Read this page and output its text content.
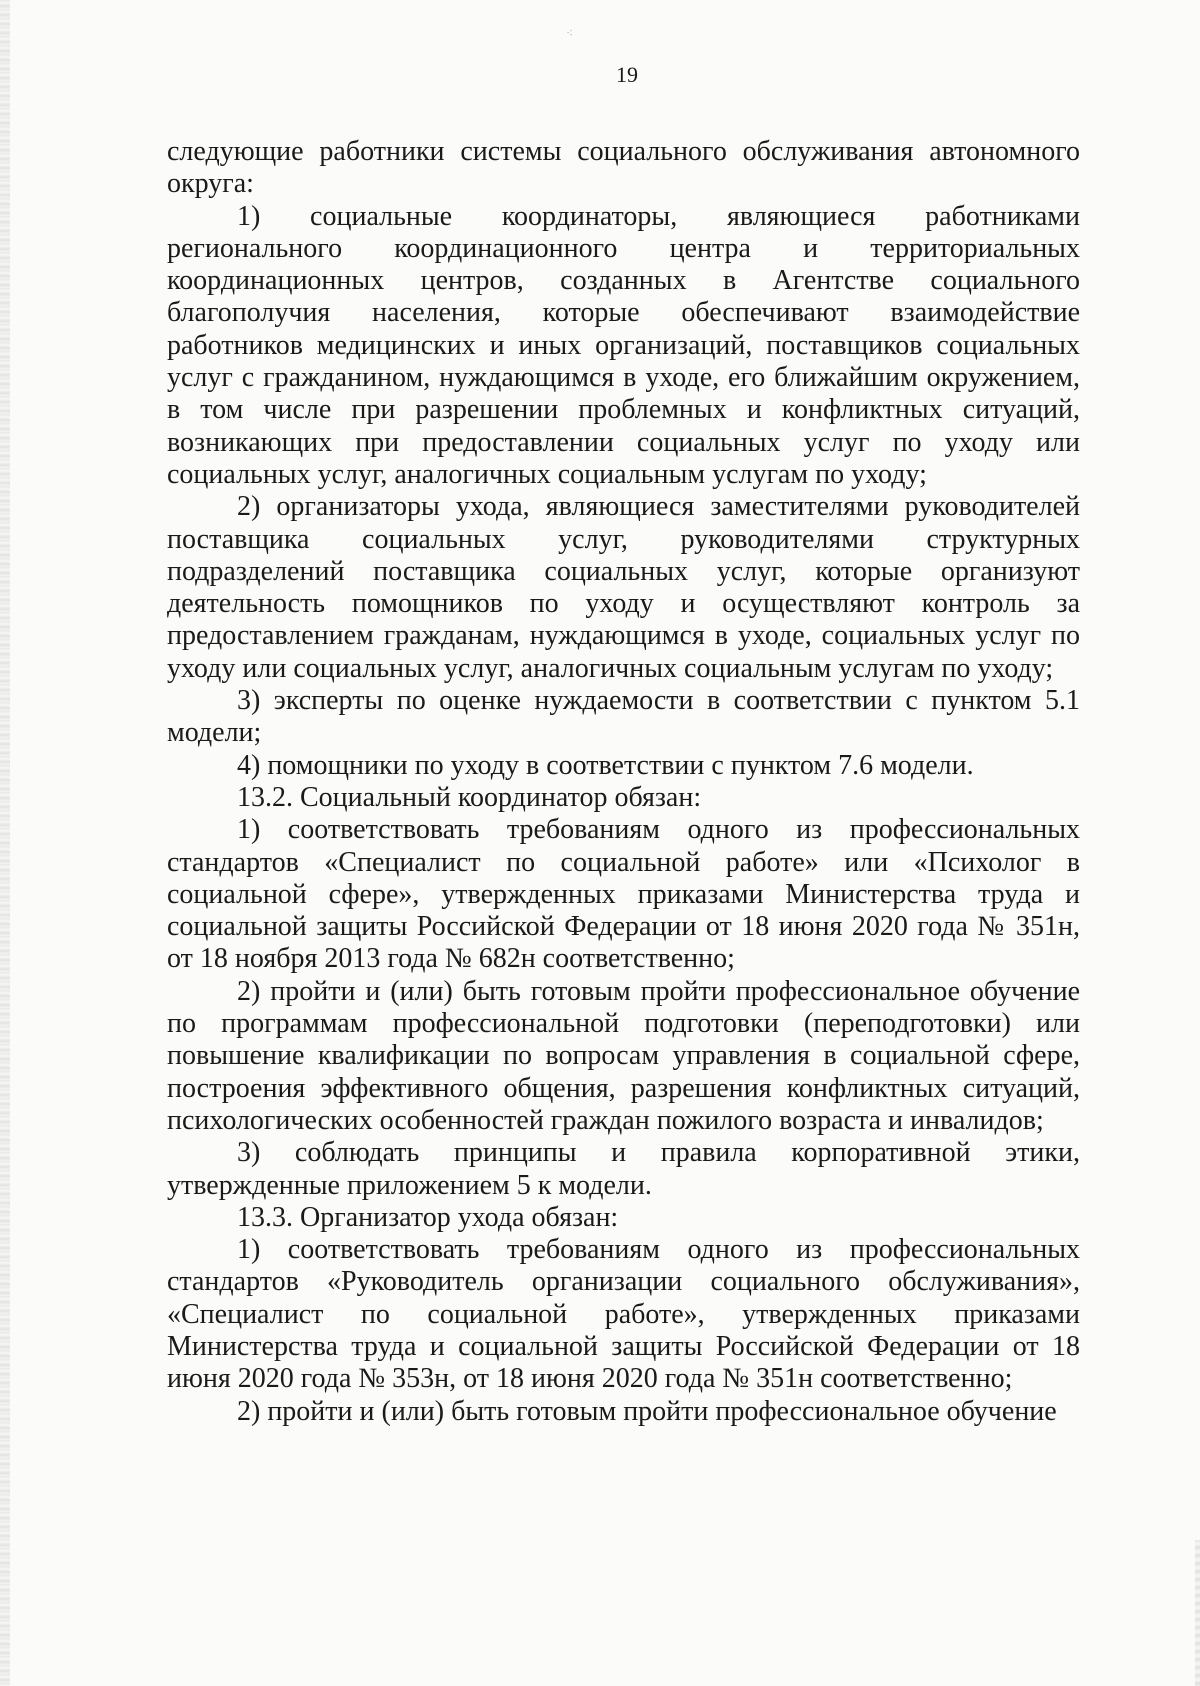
⁖
19

следующие работники системы социального обслуживания автономного округа:

1) социальные координаторы, являющиеся работниками регионального координационного центра и территориальных координационных центров, созданных в Агентстве социального благополучия населения, которые обеспечивают взаимодействие работников медицинских и иных организаций, поставщиков социальных услуг с гражданином, нуждающимся в уходе, его ближайшим окружением, в том числе при разрешении проблемных и конфликтных ситуаций, возникающих при предоставлении социальных услуг по уходу или социальных услуг, аналогичных социальным услугам по уходу;

2) организаторы ухода, являющиеся заместителями руководителей поставщика социальных услуг, руководителями структурных подразделений поставщика социальных услуг, которые организуют деятельность помощников по уходу и осуществляют контроль за предоставлением гражданам, нуждающимся в уходе, социальных услуг по уходу или социальных услуг, аналогичных социальным услугам по уходу;

3) эксперты по оценке нуждаемости в соответствии с пунктом 5.1 модели;

4) помощники по уходу в соответствии с пунктом 7.6 модели.

13.2. Социальный координатор обязан:

1) соответствовать требованиям одного из профессиональных стандартов «Специалист по социальной работе» или «Психолог в социальной сфере», утвержденных приказами Министерства труда и социальной защиты Российской Федерации от 18 июня 2020 года № 351н, от 18 ноября 2013 года № 682н соответственно;

2) пройти и (или) быть готовым пройти профессиональное обучение по программам профессиональной подготовки (переподготовки) или повышение квалификации по вопросам управления в социальной сфере, построения эффективного общения, разрешения конфликтных ситуаций, психологических особенностей граждан пожилого возраста и инвалидов;

3) соблюдать принципы и правила корпоративной этики, утвержденные приложением 5 к модели.

13.3. Организатор ухода обязан:

1) соответствовать требованиям одного из профессиональных стандартов «Руководитель организации социального обслуживания», «Специалист по социальной работе», утвержденных приказами Министерства труда и социальной защиты Российской Федерации от 18 июня 2020 года № 353н, от 18 июня 2020 года № 351н соответственно;

2) пройти и (или) быть готовым пройти профессиональное обучение
